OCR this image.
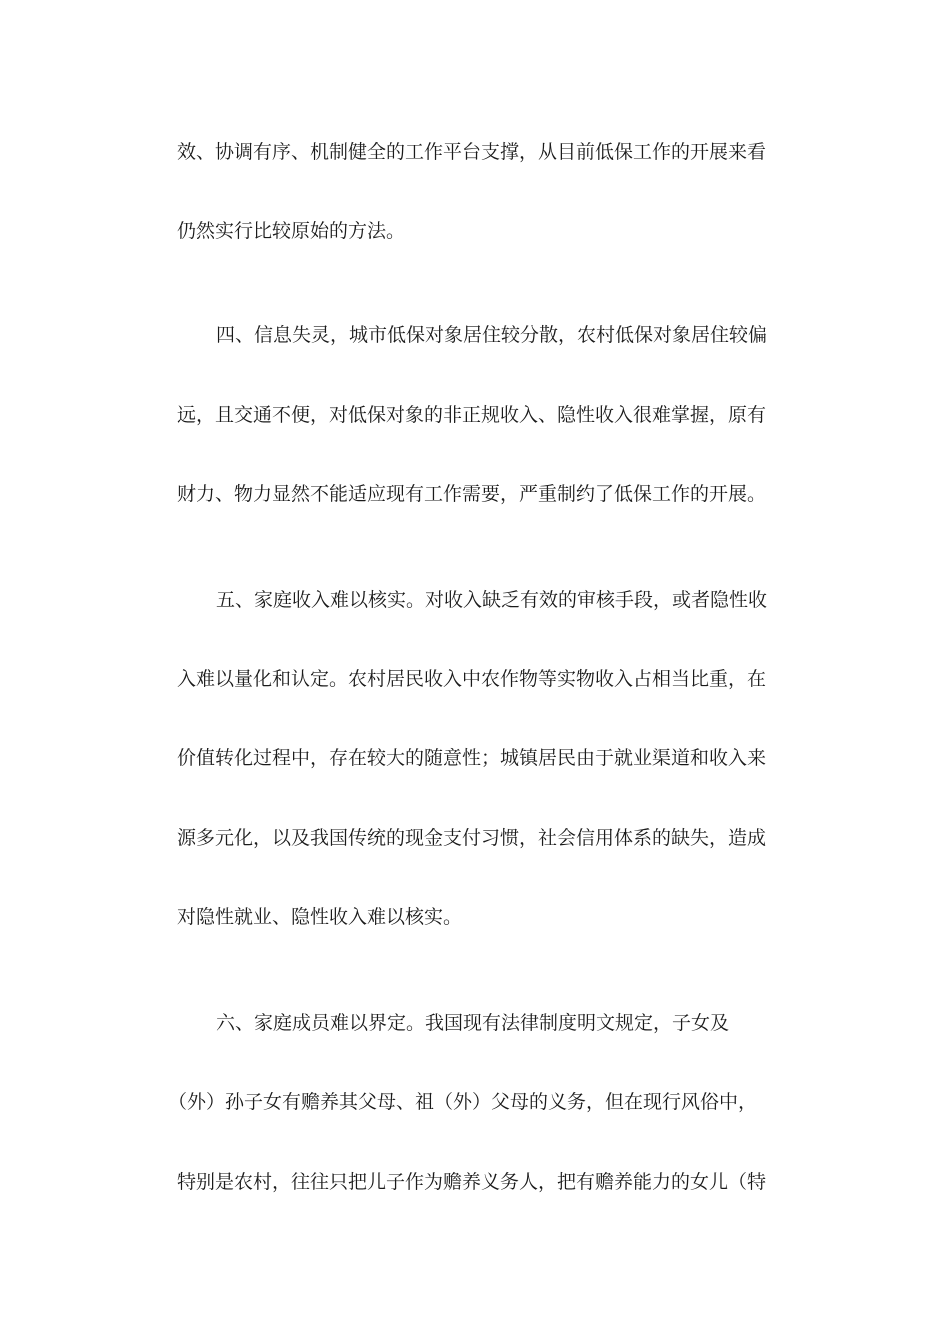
效、协调有序、机制健全的工作平台支撑，从目前低保工作的开展来看
仍然实行比较原始的方法。
四、信息失灵，城市低保对象居住较分散，农村低保对象居住较偏
远，且交通不便，对低保对象的非正规收入、隐性收入很难掌握，原有
财力、物力显然不能适应现有工作需要，严重制约了低保工作的开展。
五、家庭收入难以核实。对收入缺乏有效的审核手段，或者隐性收
入难以量化和认定。农村居民收入中农作物等实物收入占相当比重，在
价值转化过程中，存在较大的随意性；城镇居民由于就业渠道和收入来
源多元化，以及我国传统的现金支付习惯，社会信用体系的缺失，造成
对隐性就业、隐性收入难以核实。
六、家庭成员难以界定。我国现有法律制度明文规定，子女及
（外）孙子女有赡养其父母、祖（外）父母的义务，但在现行风俗中，
特别是农村，往往只把儿子作为赡养义务人，把有赡养能力的女儿（特
